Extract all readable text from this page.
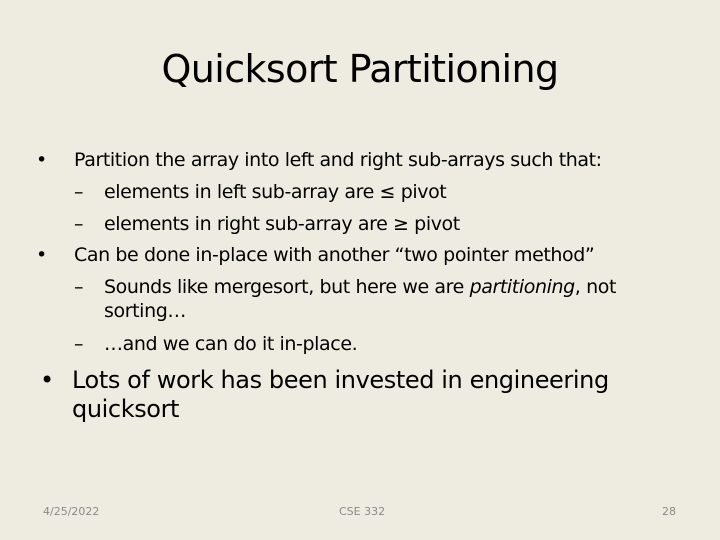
Quicksort Partitioning
• Partition the array into left and right sub-arrays such that:
– elements in left sub-array are ≤ pivot
– elements in right sub-array are ≥ pivot
• Can be done in-place with another “two pointer method”
– Sounds like mergesort, but here we are partitioning, not
sorting…
– …and we can do it in-place.
• Lots of work has been invested in engineering
quicksort
4/25/2022	CSE 332	28
